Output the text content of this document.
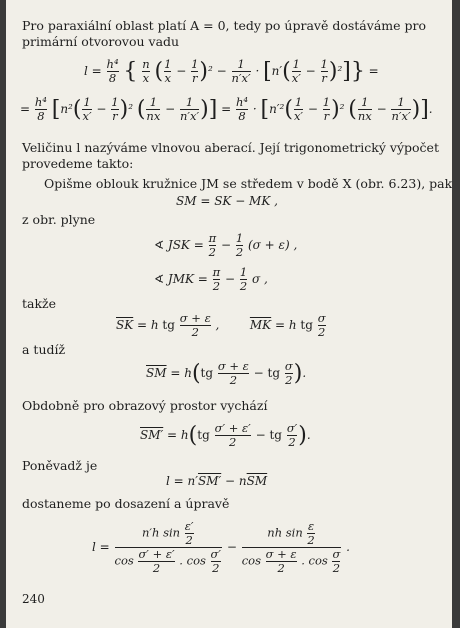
Pro paraxiální oblast platí A = 0, tedy po úpravě dostáváme pro
primární otvorovou vadu
$l = \frac{\text{h⁴}}{8}$ { $\frac{n}{x}$ ( $\frac{1}{x} - \frac{1}{r} )^2 - \frac{1}{n'x'} \cdot [n'( \frac{1}{x'} - \frac{1}{r} )^2]$} =
= $\frac{\text{h⁴}}{8} [n^2( \frac{1}{x'} - \frac{1}{r} )^2$ ( $\frac{1}{nx} - \frac{1}{n'x'}$ )] = $\frac{\text{h⁴}}{8} \cdot [n'^2( \frac{1}{x'} - \frac{1}{r} )^2$ ( $\frac{1}{nx} - \frac{1}{n'x'}$ )].
Veličinu l nazýváme vlnovou aberací. Její trigonometrický výpočet
provedeme takto:
Opišme oblouk kružnice JM se středem v bodě X (obr. 6.23), pak
SM = SK − MK ,
z obr. plyne
∢ JSK = $\frac{\pi}{2} - \frac{1}{2} (\sigma + \varepsilon)$ ,
∢ JMK = $\frac{\pi}{2} - \frac{1}{2}$ σ ,
takže
$\overline{SK} = h$ tg $\frac{\sigma + \varepsilon}{2}$ ,        $\overline{MK} = h$ tg $\frac{\sigma}{2}$
a tudíž
$\overline{SM} = h(tg \frac{\sigma + \varepsilon}{2}$ − tg $\frac{\sigma}{2}$ ).
Obdobně pro obrazový prostor vychází
$SM' = h(tg \frac{\sigma' + \varepsilon'}{2}$ − tg $\frac{\sigma'}{2}$ ).
Poněvadž je
$l = n'SM' - n\overline{SM}$
dostaneme po dosazení a úpravě
$l = \frac{n'h \sin \frac{\varepsilon'}{2}}{\cos \frac{\sigma' + \varepsilon'}{2} . \cos \frac{\sigma'}{2}} - \frac{nh \sin \frac{\varepsilon}{2}}{\cos \frac{\sigma + \varepsilon}{2} . \cos \frac{\sigma}{2}}$ .
240
